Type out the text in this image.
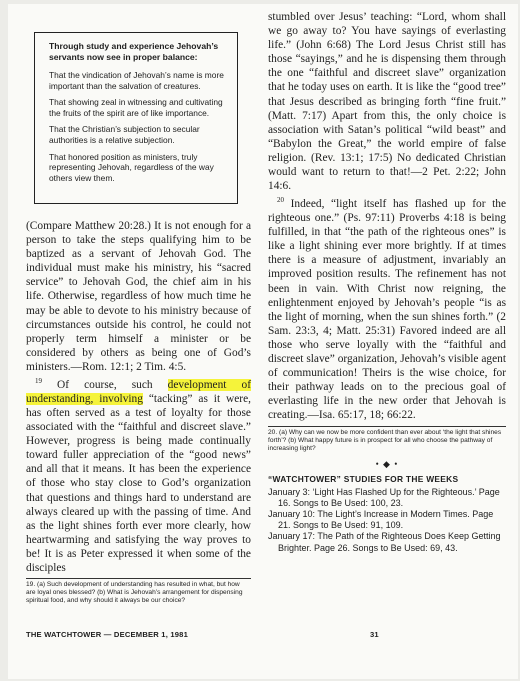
Through study and experience Jehovah’s servants now see in proper balance:

That the vindication of Jehovah’s name is more important than the salvation of creatures.

That showing zeal in witnessing and cultivating the fruits of the spirit are of like importance.

That the Christian’s subjection to secular authorities is a relative subjection.

That honored position as ministers, truly representing Jehovah, regardless of the way others view them.

(Compare Matthew 20:28.) It is not enough for a person to take the steps qualifying him to be baptized as a servant of Jehovah God. The individual must make his ministry, his “sacred service” to Jehovah God, the chief aim in his life. Otherwise, regardless of how much time he may be able to devote to his ministry because of circumstances outside his control, he could not properly term himself a minister or be considered by others as being one of God’s ministers.—Rom. 12:1; 2 Tim. 4:5.

$^{19}$ Of course, such development of understanding, involving “tacking” as it were, has often served as a test of loyalty for those associated with the “faithful and discreet slave.” However, progress is being made continually toward fuller appreciation of the “good news” and all that it means. It has been the experience of those who stay close to God’s organization that questions and things hard to understand are always cleared up with the passing of time. And as the light shines forth ever more clearly, how heartwarming and satisfying the way proves to be! It is as Peter expressed it when some of the disciples

19. (a) Such development of understanding has resulted in what, but how are loyal ones blessed? (b) What is Jehovah’s arrangement for dispensing spiritual food, and why should it always be our choice?

stumbled over Jesus’ teaching: “Lord, whom shall we go away to? You have sayings of everlasting life.” (John 6:68) The Lord Jesus Christ still has those “sayings,” and he is dispensing them through the one “faithful and discreet slave” organization that he today uses on earth. It is like the “good tree” that Jesus described as bringing forth “fine fruit.” (Matt. 7:17) Apart from this, the only choice is association with Satan’s political “wild beast” and “Babylon the Great,” the world empire of false religion. (Rev. 13:1; 17:5) No dedicated Christian would want to return to that!—2 Pet. 2:22; John 14:6.

$^{20}$ Indeed, “light itself has flashed up for the righteous one.” (Ps. 97:11) Proverbs 4:18 is being fulfilled, in that “the path of the righteous ones” is like a light shining ever more brightly. If at times there is a measure of adjustment, invariably an improved position results. The refinement has not been in vain. With Christ now reigning, the enlightenment enjoyed by Jehovah’s people “is as the light of morning, when the sun shines forth.” (2 Sam. 23:3, 4; Matt. 25:31) Favored indeed are all those who serve loyally with the “faithful and discreet slave” organization, Jehovah’s visible agent of communication! Theirs is the wise choice, for their pathway leads on to the precious goal of everlasting life in the new order that Jehovah is creating.—Isa. 65:17, 18; 66:22.

20. (a) Why can we now be more confident than ever about ‘the light that shines forth’? (b) What happy future is in prospect for all who choose the pathway of increasing light?

• ◆ •

“WATCHTOWER” STUDIES FOR THE WEEKS

January 3: ‘Light Has Flashed Up for the Righteous.’ Page 16. Songs to Be Used: 100, 23.

January 10: The Light’s Increase in Modern Times. Page 21. Songs to Be Used: 91, 109.

January 17: The Path of the Righteous Does Keep Getting Brighter. Page 26. Songs to Be Used: 69, 43.

THE WATCHTOWER — DECEMBER 1, 1981	31
